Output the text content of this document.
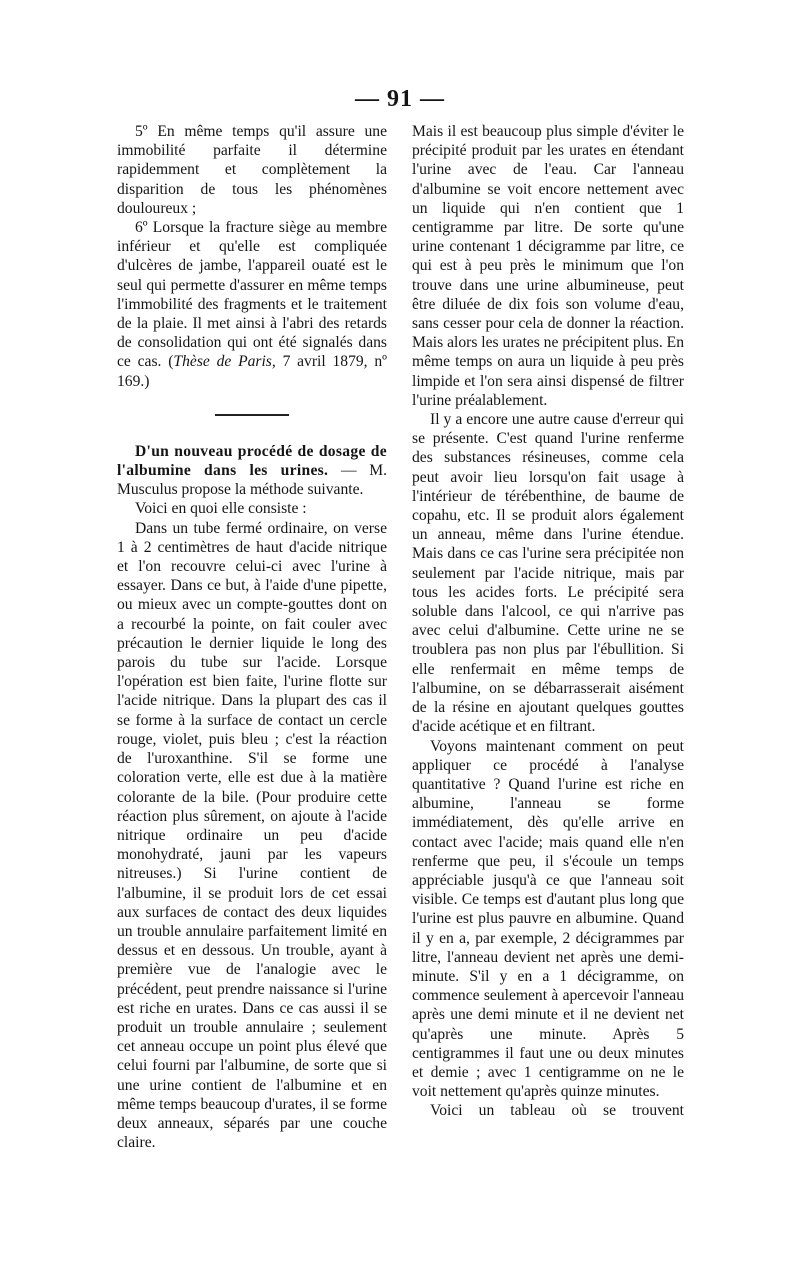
— 91 —

5º En même temps qu'il assure une immobilité parfaite il détermine rapidemment et complètement la disparition de tous les phénomènes douloureux ;

6º Lorsque la fracture siège au membre inférieur et qu'elle est compliquée d'ulcères de jambe, l'appareil ouaté est le seul qui permette d'assurer en même temps l'immobilité des fragments et le traitement de la plaie. Il met ainsi à l'abri des retards de consolidation qui ont été signalés dans ce cas. (Thèse de Paris, 7 avril 1879, nº 169.)

D'un nouveau procédé de dosage de l'albumine dans les urines. — M. Musculus propose la méthode suivante.

Voici en quoi elle consiste :

Dans un tube fermé ordinaire, on verse 1 à 2 centimètres de haut d'acide nitrique et l'on recouvre celui-ci avec l'urine à essayer. Dans ce but, à l'aide d'une pipette, ou mieux avec un compte-gouttes dont on a recourbé la pointe, on fait couler avec précaution le dernier liquide le long des parois du tube sur l'acide. Lorsque l'opération est bien faite, l'urine flotte sur l'acide nitrique. Dans la plupart des cas il se forme à la surface de contact un cercle rouge, violet, puis bleu ; c'est la réaction de l'uroxanthine. S'il se forme une coloration verte, elle est due à la matière colorante de la bile. (Pour produire cette réaction plus sûrement, on ajoute à l'acide nitrique ordinaire un peu d'acide monohydraté, jauni par les vapeurs nitreuses.) Si l'urine contient de l'albumine, il se produit lors de cet essai aux surfaces de contact des deux liquides un trouble annulaire parfaitement limité en dessus et en dessous. Un trouble, ayant à première vue de l'analogie avec le précédent, peut prendre naissance si l'urine est riche en urates. Dans ce cas aussi il se produit un trouble annulaire ; seulement cet anneau occupe un point plus élevé que celui fourni par l'albumine, de sorte que si une urine contient de l'albumine et en même temps beaucoup d'urates, il se forme deux anneaux, séparés par une couche claire.

Mais il est beaucoup plus simple d'éviter le précipité produit par les urates en étendant l'urine avec de l'eau. Car l'anneau d'albumine se voit encore nettement avec un liquide qui n'en contient que 1 centigramme par litre. De sorte qu'une urine contenant 1 décigramme par litre, ce qui est à peu près le minimum que l'on trouve dans une urine albumineuse, peut être diluée de dix fois son volume d'eau, sans cesser pour cela de donner la réaction. Mais alors les urates ne précipitent plus. En même temps on aura un liquide à peu près limpide et l'on sera ainsi dispensé de filtrer l'urine préalablement.

Il y a encore une autre cause d'erreur qui se présente. C'est quand l'urine renferme des substances résineuses, comme cela peut avoir lieu lorsqu'on fait usage à l'intérieur de térébenthine, de baume de copahu, etc. Il se produit alors également un anneau, même dans l'urine étendue. Mais dans ce cas l'urine sera précipitée non seulement par l'acide nitrique, mais par tous les acides forts. Le précipité sera soluble dans l'alcool, ce qui n'arrive pas avec celui d'albumine. Cette urine ne se troublera pas non plus par l'ébullition. Si elle renfermait en même temps de l'albumine, on se débarrasserait aisément de la résine en ajoutant quelques gouttes d'acide acétique et en filtrant.

Voyons maintenant comment on peut appliquer ce procédé à l'analyse quantitative ? Quand l'urine est riche en albumine, l'anneau se forme immédiatement, dès qu'elle arrive en contact avec l'acide; mais quand elle n'en renferme que peu, il s'écoule un temps appréciable jusqu'à ce que l'anneau soit visible. Ce temps est d'autant plus long que l'urine est plus pauvre en albumine. Quand il y en a, par exemple, 2 décigrammes par litre, l'anneau devient net après une demi-minute. S'il y en a 1 décigramme, on commence seulement à apercevoir l'anneau après une demi minute et il ne devient net qu'après une minute. Après 5 centigrammes il faut une ou deux minutes et demie ; avec 1 centigramme on ne le voit nettement qu'après quinze minutes.

Voici un tableau où se trouvent
